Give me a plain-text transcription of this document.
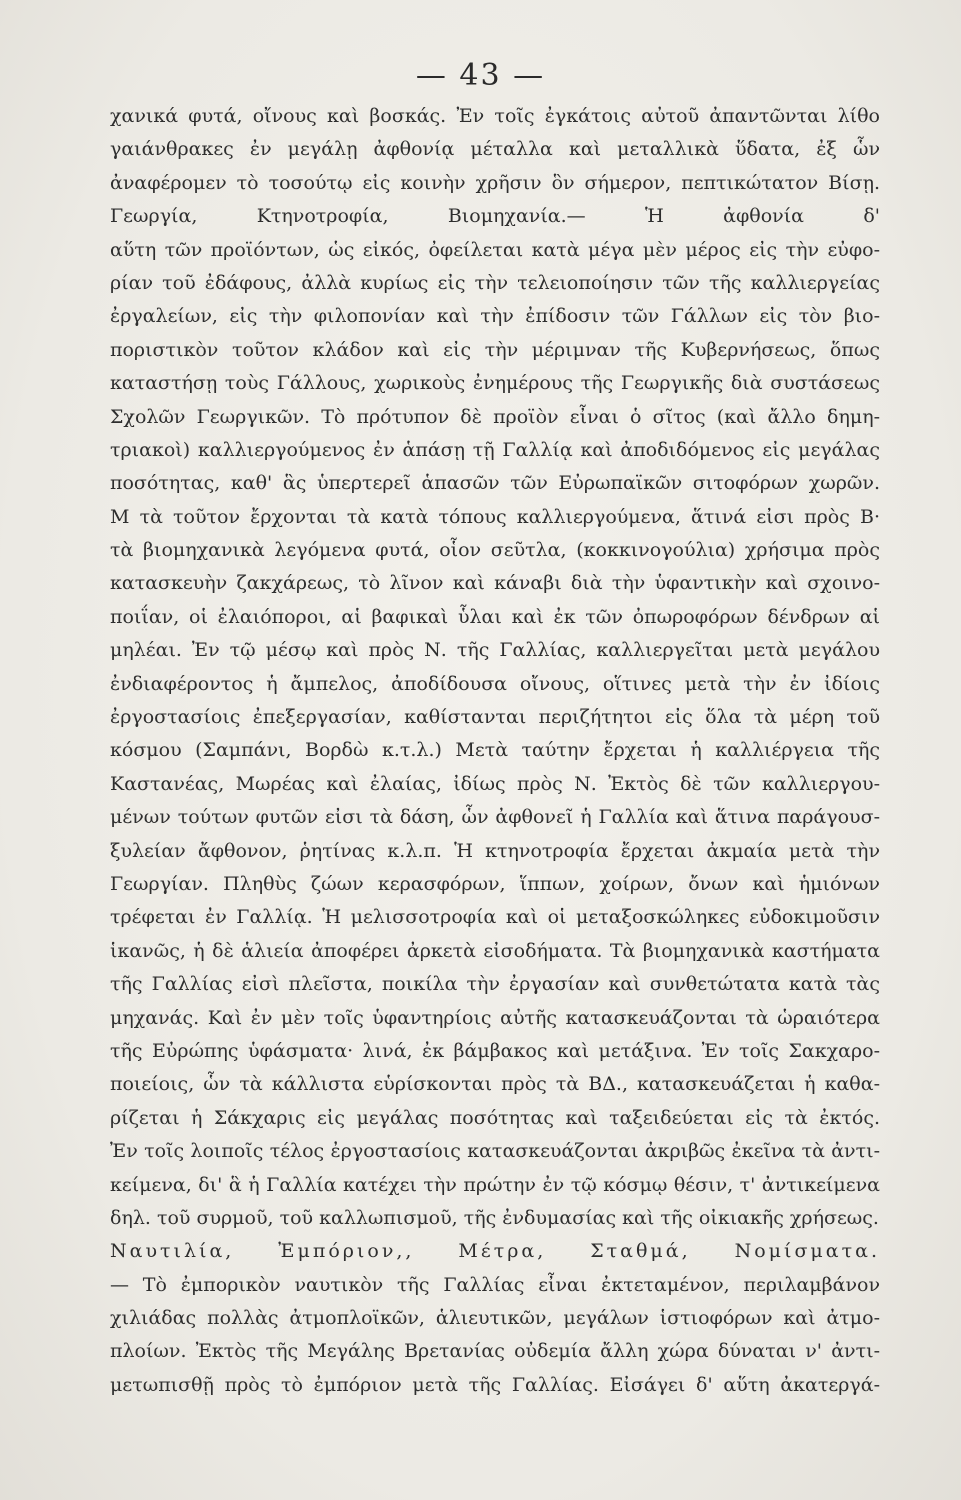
— 43 —
χανικά φυτά, οἴνους καὶ βοσκάς. Ἐν τοῖς ἐγκάτοις αὐτοῦ ἀπαντῶνται λίθο
γαιάνθρακες ἐν μεγάλῃ ἀφθονίᾳ μέταλλα καὶ μεταλλικὰ ὕδατα, ἐξ ὧν
ἀναφέρομεν τὸ τοσούτῳ εἰς κοινὴν χρῆσιν ὃν σήμερον, πεπτικώτατον Βίσῃ.
Γεωργία, Κτηνοτροφία, Βιομηχανία.— Ἡ ἀφθονία δ'
αὕτη τῶν προϊόντων, ὡς εἰκός, ὀφείλεται κατὰ μέγα μὲν μέρος εἰς τὴν εὐφο-
ρίαν τοῦ ἐδάφους, ἀλλὰ κυρίως εἰς τὴν τελειοποίησιν τῶν τῆς καλλιεργείας
ἐργαλείων, εἰς τὴν φιλοπονίαν καὶ τὴν ἐπίδοσιν τῶν Γάλλων εἰς τὸν βιο-
ποριστικὸν τοῦτον κλάδον καὶ εἰς τὴν μέριμναν τῆς Κυβερνήσεως, ὅπως
καταστήσῃ τοὺς Γάλλους, χωρικοὺς ἐνημέρους τῆς Γεωργικῆς διὰ συστάσεως
Σχολῶν Γεωργικῶν. Τὸ πρότυπον δὲ προϊὸν εἶναι ὁ σῖτος (καὶ ἄλλο δημη-
τριακοὶ) καλλιεργούμενος ἐν ἁπάσῃ τῇ Γαλλίᾳ καὶ ἀποδιδόμενος εἰς μεγάλας
ποσότητας, καθ' ἃς ὑπερτερεῖ ἁπασῶν τῶν Εὐρωπαϊκῶν σιτοφόρων χωρῶν.
Μ τὰ τοῦτον ἔρχονται τὰ κατὰ τόπους καλλιεργούμενα, ἅτινά εἰσι πρὸς Β·
τὰ βιομηχανικὰ λεγόμενα φυτά, οἷον σεῦτλα, (κοκκινογούλια) χρήσιμα πρὸς
κατασκευὴν ζακχάρεως, τὸ λῖνον καὶ κάναβι διὰ τὴν ὑφαντικὴν καὶ σχοινο-
ποιΐαν, οἱ ἐλαιόποροι, αἱ βαφικαὶ ὗλαι καὶ ἐκ τῶν ὀπωροφόρων δένδρων αἱ
μηλέαι. Ἐν τῷ μέσῳ καὶ πρὸς Ν. τῆς Γαλλίας, καλλιεργεῖται μετὰ μεγάλου
ἐνδιαφέροντος ἡ ἄμπελος, ἀποδίδουσα οἴνους, οἵτινες μετὰ τὴν ἐν ἰδίοις
ἐργοστασίοις ἐπεξεργασίαν, καθίστανται περιζήτητοι εἰς ὅλα τὰ μέρη τοῦ
κόσμου (Σαμπάνι, Βορδὼ κ.τ.λ.) Μετὰ ταύτην ἔρχεται ἡ καλλιέργεια τῆς
Καστανέας, Μωρέας καὶ ἐλαίας, ἰδίως πρὸς Ν. Ἐκτὸς δὲ τῶν καλλιεργου-
μένων τούτων φυτῶν εἰσι τὰ δάση, ὧν ἀφθονεῖ ἡ Γαλλία καὶ ἅτινα παράγουσ-
ξυλείαν ἄφθονον, ῥητίνας κ.λ.π. Ἡ κτηνοτροφία ἔρχεται ἀκμαία μετὰ τὴν
Γεωργίαν. Πληθὺς ζώων κερασφόρων, ἵππων, χοίρων, ὄνων καὶ ἡμιόνων
τρέφεται ἐν Γαλλίᾳ. Ἡ μελισσοτροφία καὶ οἱ μεταξοσκώληκες εὐδοκιμοῦσιν
ἱκανῶς, ἡ δὲ ἁλιεία ἀποφέρει ἀρκετὰ εἰσοδήματα. Τὰ βιομηχανικὰ καστήματα
τῆς Γαλλίας εἰσὶ πλεῖστα, ποικίλα τὴν ἐργασίαν καὶ συνθετώτατα κατὰ τὰς
μηχανάς. Καὶ ἐν μὲν τοῖς ὑφαντηρίοις αὐτῆς κατασκευάζονται τὰ ὡραιότερα
τῆς Εὐρώπης ὑφάσματα· λινά, ἐκ βάμβακος καὶ μετάξινα. Ἐν τοῖς Σακχαρο-
ποιείοις, ὧν τὰ κάλλιστα εὑρίσκονται πρὸς τὰ ΒΔ., κατασκευάζεται ἡ καθα-
ρίζεται ἡ Σάκχαρις εἰς μεγάλας ποσότητας καὶ ταξειδεύεται εἰς τὰ ἐκτός.
Ἐν τοῖς λοιποῖς τέλος ἐργοστασίοις κατασκευάζονται ἀκριβῶς ἐκεῖνα τὰ ἀντι-
κείμενα, δι' ἃ ἡ Γαλλία κατέχει τὴν πρώτην ἐν τῷ κόσμῳ θέσιν, τ' ἀντικείμενα
δηλ. τοῦ συρμοῦ, τοῦ καλλωπισμοῦ, τῆς ἐνδυμασίας καὶ τῆς οἰκιακῆς χρήσεως.
Ναυτιλία, Ἐμπόριον,, Μέτρα, Σταθμά, Νομίσματα.
— Τὸ ἐμπορικὸν ναυτικὸν τῆς Γαλλίας εἶναι ἐκτεταμένον, περιλαμβάνον
χιλιάδας πολλὰς ἀτμοπλοϊκῶν, ἁλιευτικῶν, μεγάλων ἱστιοφόρων καὶ ἀτμο-
πλοίων. Ἐκτὸς τῆς Μεγάλης Βρετανίας οὐδεμία ἄλλη χώρα δύναται ν' ἀντι-
μετωπισθῇ πρὸς τὸ ἐμπόριον μετὰ τῆς Γαλλίας. Εἰσάγει δ' αὕτη ἀκατεργά-
